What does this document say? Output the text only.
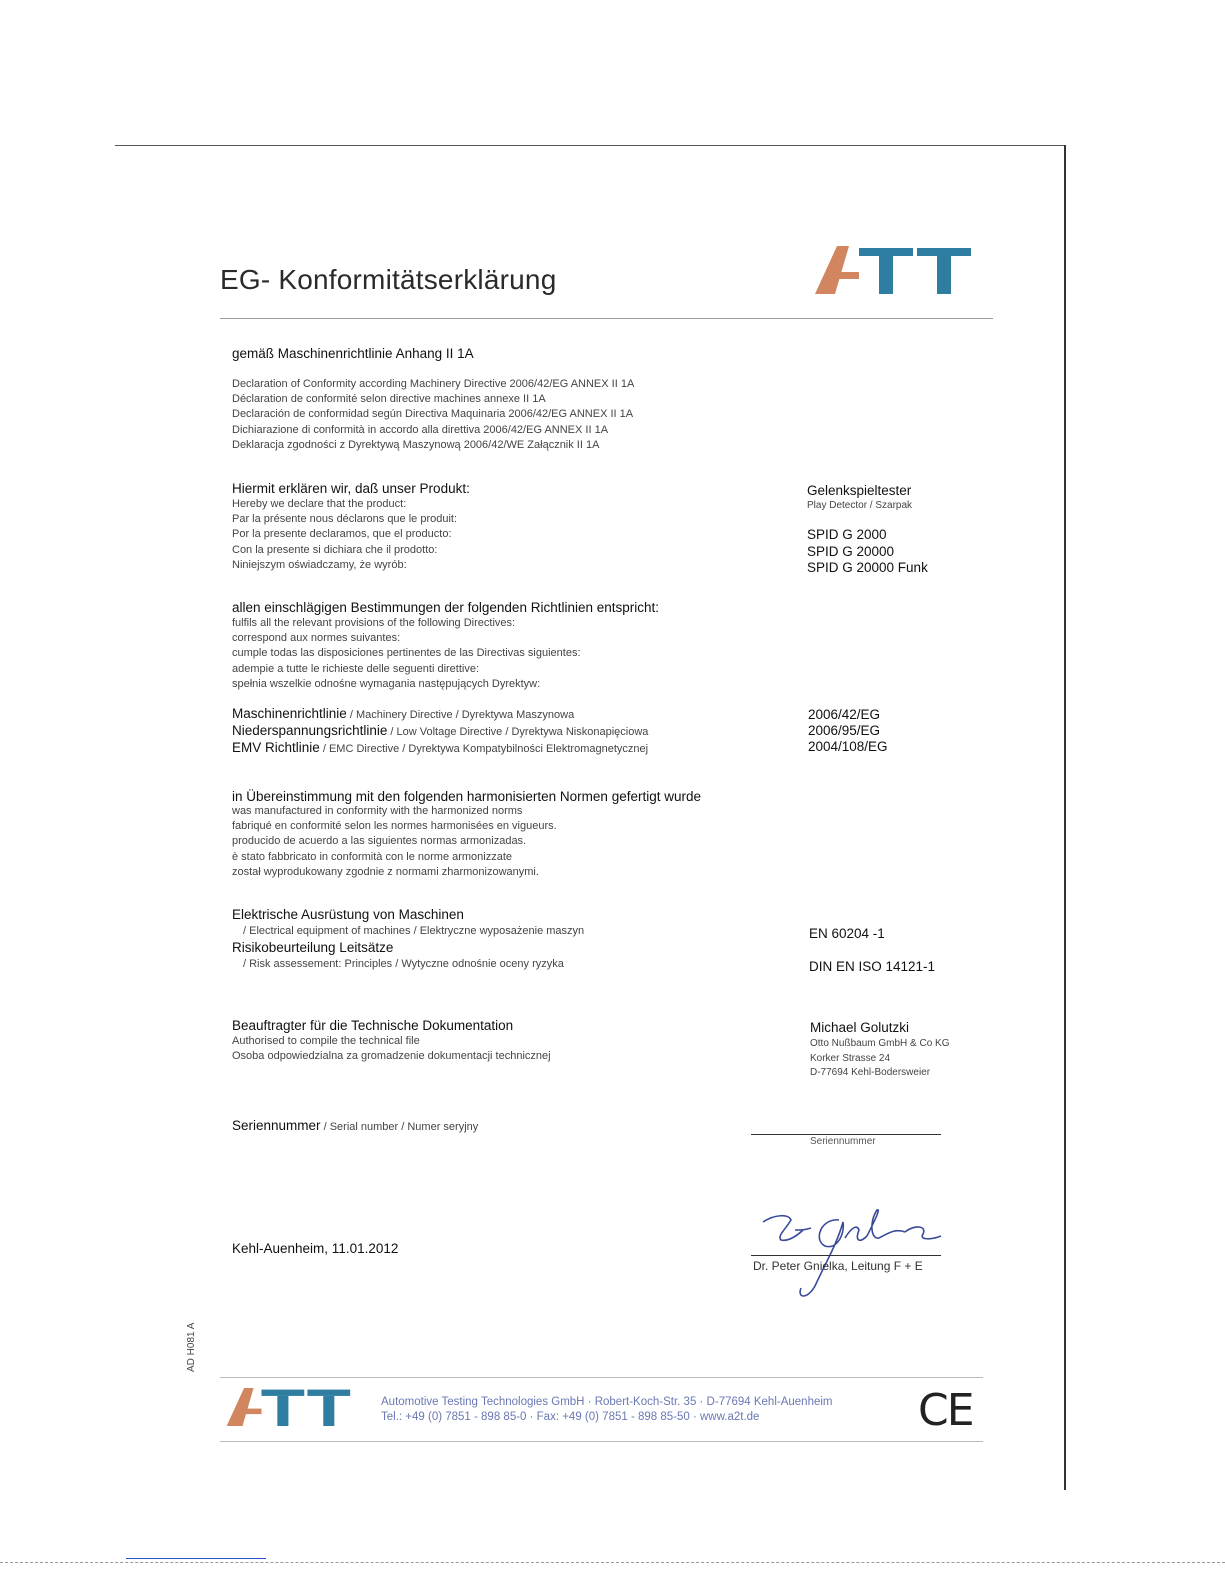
EG- Konformitätserklärung
gemäß Maschinenrichtlinie Anhang II 1A
Declaration of Conformity according Machinery Directive 2006/42/EG ANNEX II 1A
Déclaration de conformité selon directive machines annexe II 1A
Declaración de conformidad según Directiva Maquinaria 2006/42/EG ANNEX II 1A
Dichiarazione di conformità in accordo alla direttiva 2006/42/EG ANNEX II 1A
Deklaracja zgodności z Dyrektywą Maszynową 2006/42/WE Załącznik II 1A
Hiermit erklären wir, daß unser Produkt:
Hereby we declare that the product:
Par la présente nous déclarons que le produit:
Por la presente declaramos, que el producto:
Con la presente si dichiara che il prodotto:
Niniejszym oświadczamy, że wyrób:
Gelenkspieltester
Play Detector / Szarpak
SPID G 2000
SPID G 20000
SPID G 20000 Funk
allen einschlägigen Bestimmungen der folgenden Richtlinien entspricht:
fulfils all the relevant provisions of the following Directives:
correspond aux normes suivantes:
cumple todas las disposiciones pertinentes de las Directivas siguientes:
adempie a tutte le richieste delle seguenti direttive:
spełnia wszelkie odnośne wymagania następujących Dyrektyw:
Maschinenrichtlinie / Machinery Directive / Dyrektywa Maszynowa
Niederspannungsrichtlinie / Low Voltage Directive / Dyrektywa Niskonapięciowa
EMV Richtlinie / EMC Directive / Dyrektywa Kompatybilności Elektromagnetycznej
2006/42/EG
2006/95/EG
2004/108/EG
in Übereinstimmung mit den folgenden harmonisierten Normen gefertigt wurde
was manufactured in conformity with the harmonized norms
fabriqué en conformité selon les normes harmonisées en vigueurs.
producido de acuerdo a las siguientes normas armonizadas.
è stato fabbricato in conformità con le norme armonizzate
został wyprodukowany zgodnie z normami zharmonizowanymi.
Elektrische Ausrüstung von Maschinen
/ Electrical equipment of machines / Elektryczne wyposażenie maszyn
Risikobeurteilung Leitsätze
/ Risk assessement: Principles / Wytyczne odnośnie oceny ryzyka
EN 60204 -1
DIN EN ISO 14121-1
Beauftragter für die Technische Dokumentation
Authorised to compile the technical file
Osoba odpowiedzialna za gromadzenie dokumentacji technicznej
Michael Golutzki
Otto Nußbaum GmbH & Co KG
Korker Strasse 24
D-77694 Kehl-Bodersweier
Seriennummer / Serial number / Numer seryjny
Seriennummer
Kehl-Auenheim, 11.01.2012
Dr. Peter Gnielka, Leitung F + E
AD H081 A
Automotive Testing Technologies GmbH · Robert-Koch-Str. 35 · D-77694 Kehl-Auenheim
Tel.: +49 (0) 7851 - 898 85-0 · Fax: +49 (0) 7851 - 898 85-50 · www.a2t.de	CE
